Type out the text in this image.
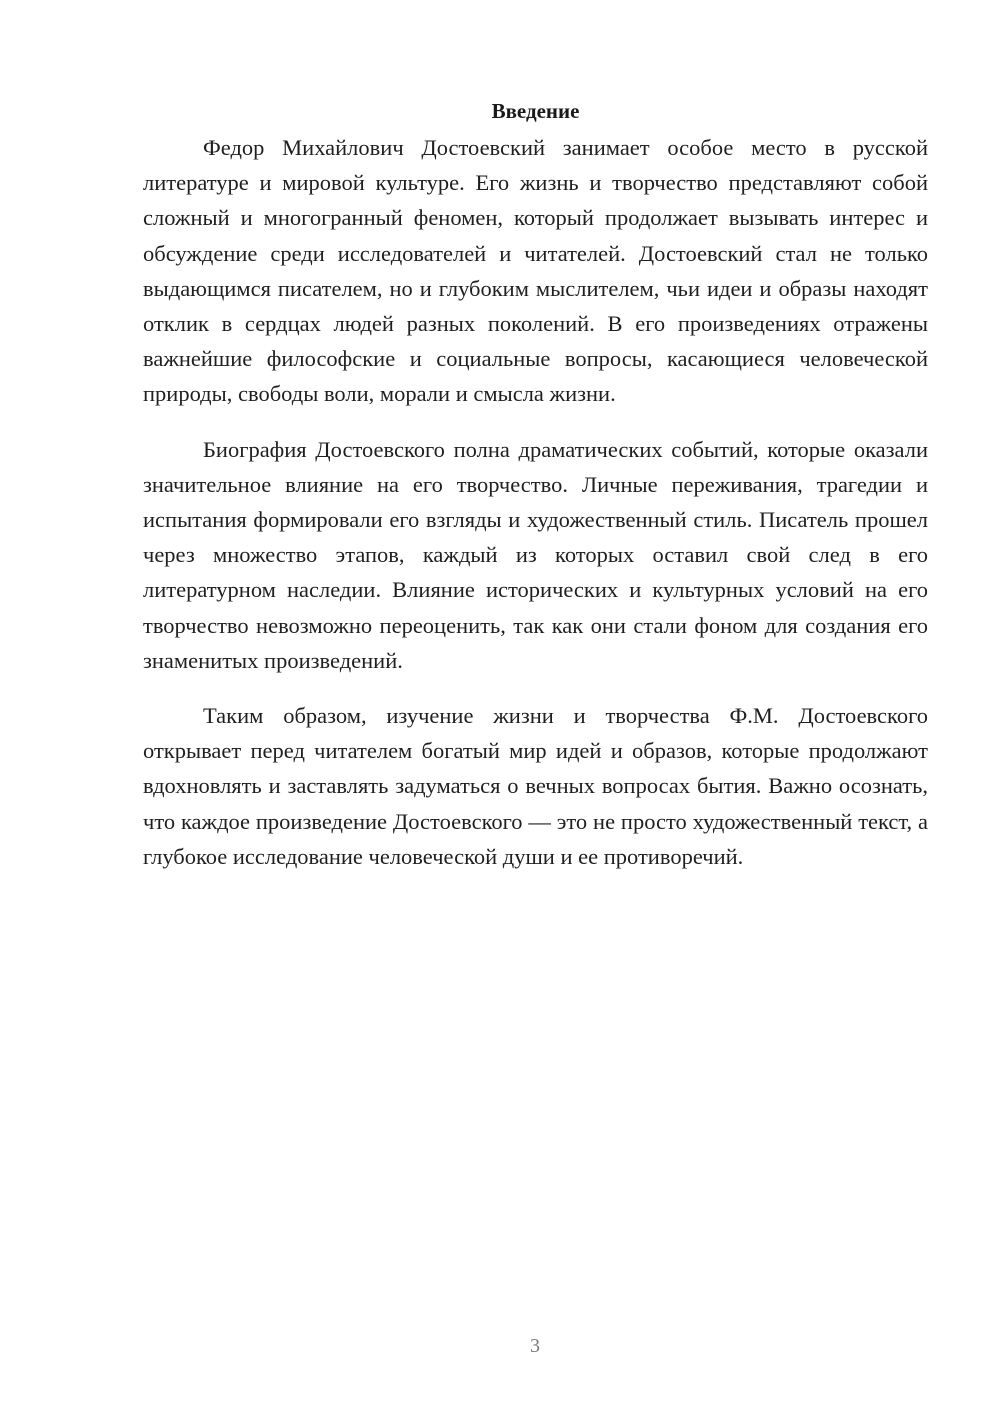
Введение

Федор Михайлович Достоевский занимает особое место в русской литературе и мировой культуре. Его жизнь и творчество представляют собой сложный и многогранный феномен, который продолжает вызывать интерес и обсуждение среди исследователей и читателей. Достоевский стал не только выдающимся писателем, но и глубоким мыслителем, чьи идеи и образы находят отклик в сердцах людей разных поколений. В его произведениях отражены важнейшие философские и социальные вопросы, касающиеся человеческой природы, свободы воли, морали и смысла жизни.

Биография Достоевского полна драматических событий, которые оказали значительное влияние на его творчество. Личные переживания, трагедии и испытания формировали его взгляды и художественный стиль. Писатель прошел через множество этапов, каждый из которых оставил свой след в его литературном наследии. Влияние исторических и культурных условий на его творчество невозможно переоценить, так как они стали фоном для создания его знаменитых произведений.

Таким образом, изучение жизни и творчества Ф.М. Достоевского открывает перед читателем богатый мир идей и образов, которые продолжают вдохновлять и заставлять задуматься о вечных вопросах бытия. Важно осознать, что каждое произведение Достоевского — это не просто художественный текст, а глубокое исследование человеческой души и ее противоречий.

3
